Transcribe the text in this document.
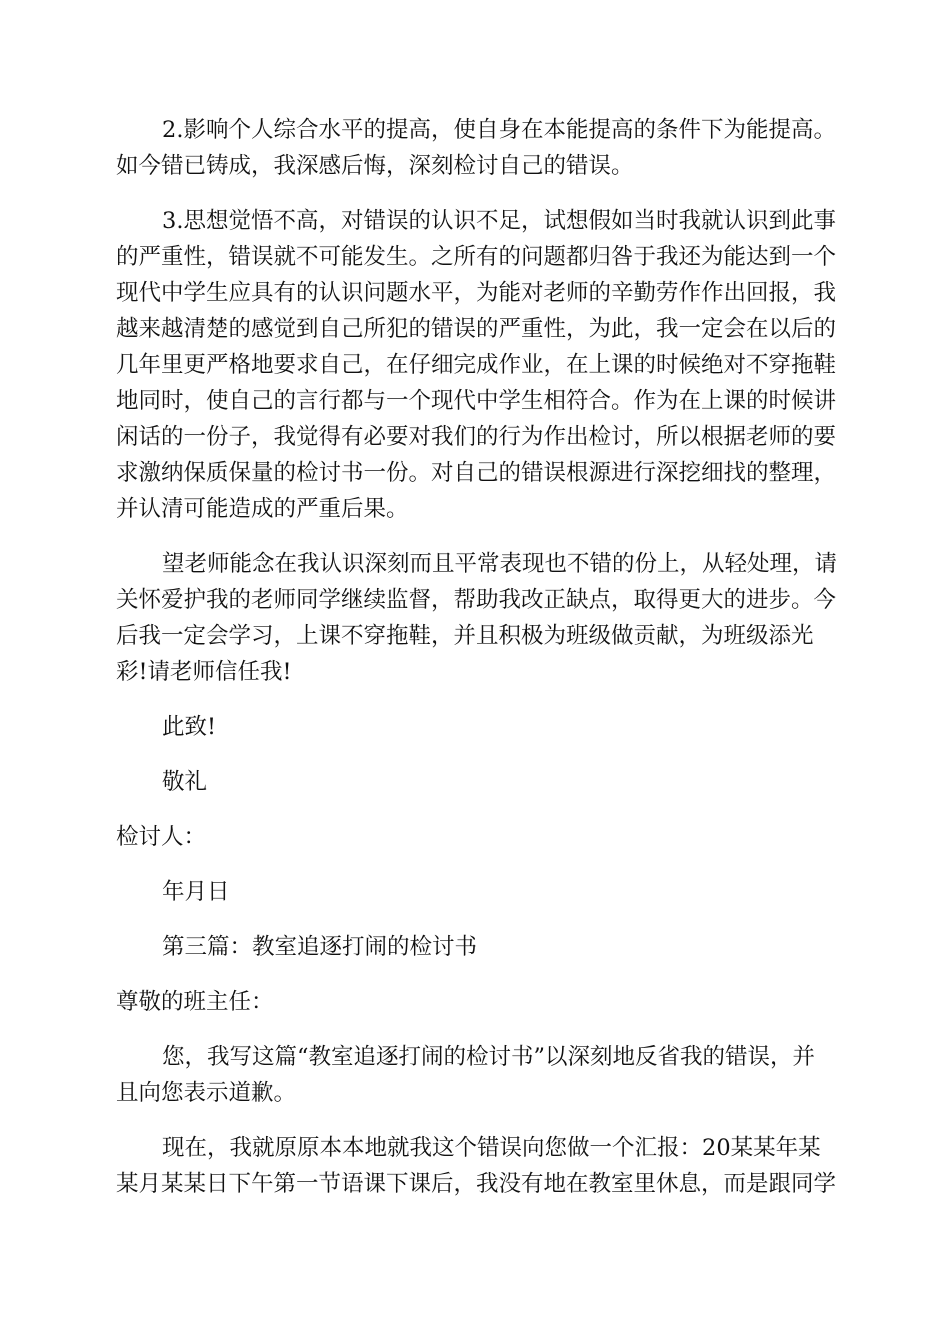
2.影响个人综合水平的提高，使自身在本能提高的条件下为能提高。
如今错已铸成，我深感后悔，深刻检讨自己的错误。
3.思想觉悟不高，对错误的认识不足，试想假如当时我就认识到此事
的严重性，错误就不可能发生。之所有的问题都归咎于我还为能达到一个
现代中学生应具有的认识问题水平，为能对老师的辛勤劳作作出回报，我
越来越清楚的感觉到自己所犯的错误的严重性，为此，我一定会在以后的
几年里更严格地要求自己，在仔细完成作业，在上课的时候绝对不穿拖鞋
地同时，使自己的言行都与一个现代中学生相符合。作为在上课的时候讲
闲话的一份子，我觉得有必要对我们的行为作出检讨，所以根据老师的要
求激纳保质保量的检讨书一份。对自己的错误根源进行深挖细找的整理，
并认清可能造成的严重后果。
望老师能念在我认识深刻而且平常表现也不错的份上，从轻处理，请
关怀爱护我的老师同学继续监督，帮助我改正缺点，取得更大的进步。今
后我一定会学习，上课不穿拖鞋，并且积极为班级做贡献，为班级添光
彩!请老师信任我!
此致!
敬礼
检讨人：
年月日
第三篇：教室追逐打闹的检讨书
尊敬的班主任：
您，我写这篇“教室追逐打闹的检讨书”以深刻地反省我的错误，并
且向您表示道歉。
现在，我就原原本本地就我这个错误向您做一个汇报：20某某年某
某月某某日下午第一节语课下课后，我没有地在教室里休息，而是跟同学
